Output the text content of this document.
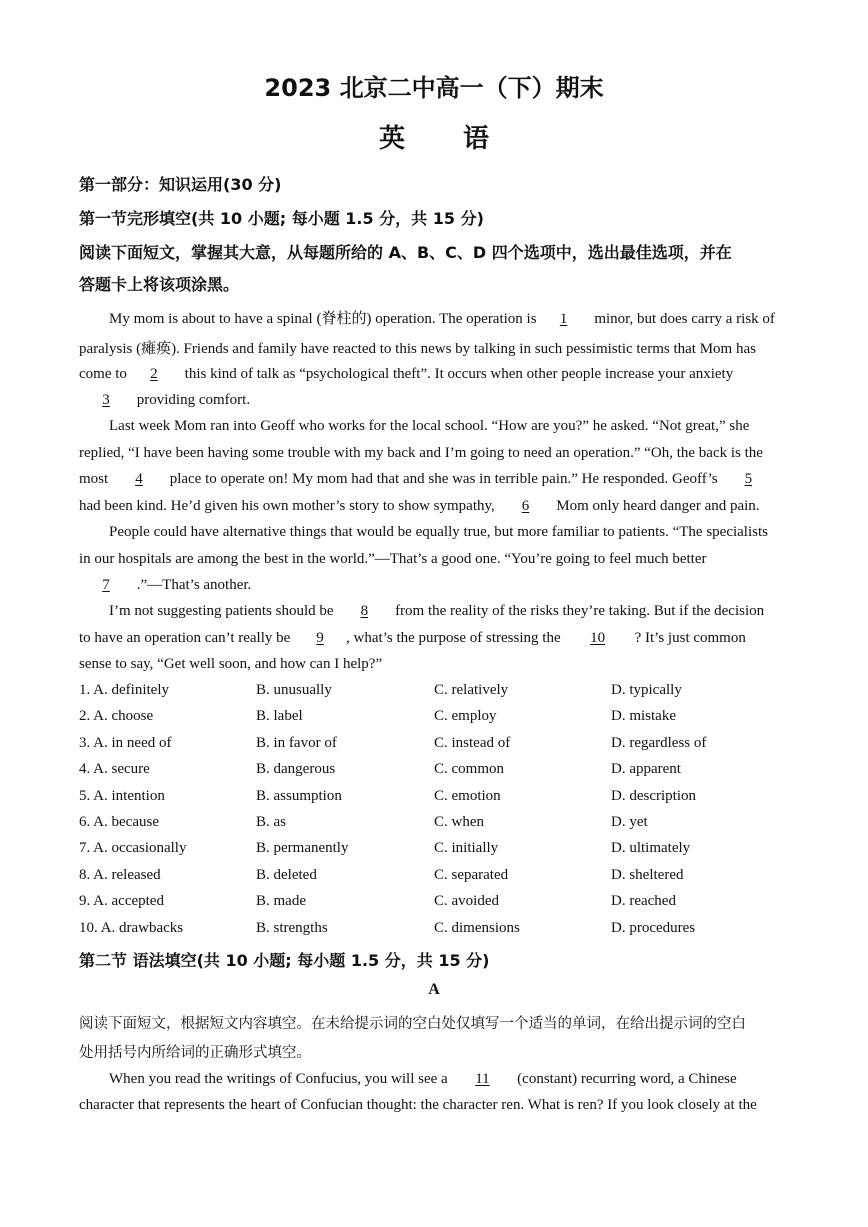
2023 北京二中高一（下）期末
英语
第一部分：知识运用(30 分)
第一节完形填空(共 10 小题; 每小题 1.5 分，共 15 分)
阅读下面短文，掌握其大意，从每题所给的 A、B、C、D 四个选项中，选出最佳选项，并在
答题卡上将该项涂黑。
My mom is about to have a spinal (脊柱的) operation. The operation is 1 minor, but does carry a risk of
paralysis (瘫痪). Friends and family have reacted to this news by talking in such pessimistic terms that Mom has
come to 2 this kind of talk as “psychological theft”. It occurs when other people increase your anxiety
3 providing comfort.
Last week Mom ran into Geoff who works for the local school. “How are you?” he asked. “Not great,” she
replied, “I have been having some trouble with my back and I’m going to need an operation.” “Oh, the back is the
most 4 place to operate on! My mom had that and she was in terrible pain.” He responded. Geoff’s 5
had been kind. He’d given his own mother’s story to show sympathy, 6 Mom only heard danger and pain.
People could have alternative things that would be equally true, but more familiar to patients. “The specialists
in our hospitals are among the best in the world.”—That’s a good one. “You’re going to feel much better
7 .”—That’s another.
I’m not suggesting patients should be 8 from the reality of the risks they’re taking. But if the decision
to have an operation can’t really be 9 , what’s the purpose of stressing the 10 ? It’s just common
sense to say, “Get well soon, and how can I help?”
1. A. definitely	B. unusually	C. relatively	D. typically
2. A. choose	B. label	C. employ	D. mistake
3. A. in need of	B. in favor of	C. instead of	D. regardless of
4. A. secure	B. dangerous	C. common	D. apparent
5. A. intention	B. assumption	C. emotion	D. description
6. A. because	B. as	C. when	D. yet
7. A. occasionally	B. permanently	C. initially	D. ultimately
8. A. released	B. deleted	C. separated	D. sheltered
9. A. accepted	B. made	C. avoided	D. reached
10. A. drawbacks	B. strengths	C. dimensions	D. procedures
第二节 语法填空(共 10 小题; 每小题 1.5 分，共 15 分)
A
阅读下面短文，根据短文内容填空。在未给提示词的空白处仅填写一个适当的单词，在给出提示词的空白
处用括号内所给词的正确形式填空。
When you read the writings of Confucius, you will see a 11 (constant) recurring word, a Chinese
character that represents the heart of Confucian thought: the character ren. What is ren? If you look closely at the
